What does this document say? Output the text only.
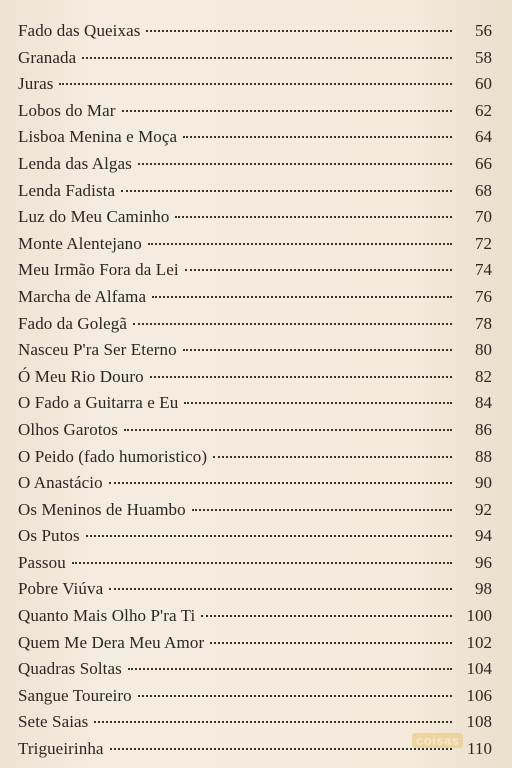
Fado das Queixas	56
Granada	58
Juras	60
Lobos do Mar	62
Lisboa Menina e Moça	64
Lenda das Algas	66
Lenda Fadista	68
Luz do Meu Caminho	70
Monte Alentejano	72
Meu Irmão Fora da Lei	74
Marcha de Alfama	76
Fado da Golegã	78
Nasceu P'ra Ser Eterno	80
Ó Meu Rio Douro	82
O Fado a Guitarra e Eu	84
Olhos Garotos	86
O Peido (fado humoristico)	88
O Anastácio	90
Os Meninos de Huambo	92
Os Putos	94
Passou	96
Pobre Viúva	98
Quanto Mais Olho P'ra Ti	100
Quem Me Dera Meu Amor	102
Quadras Soltas	104
Sangue Toureiro	106
Sete Saias	108
Trigueirinha	110
coisas
